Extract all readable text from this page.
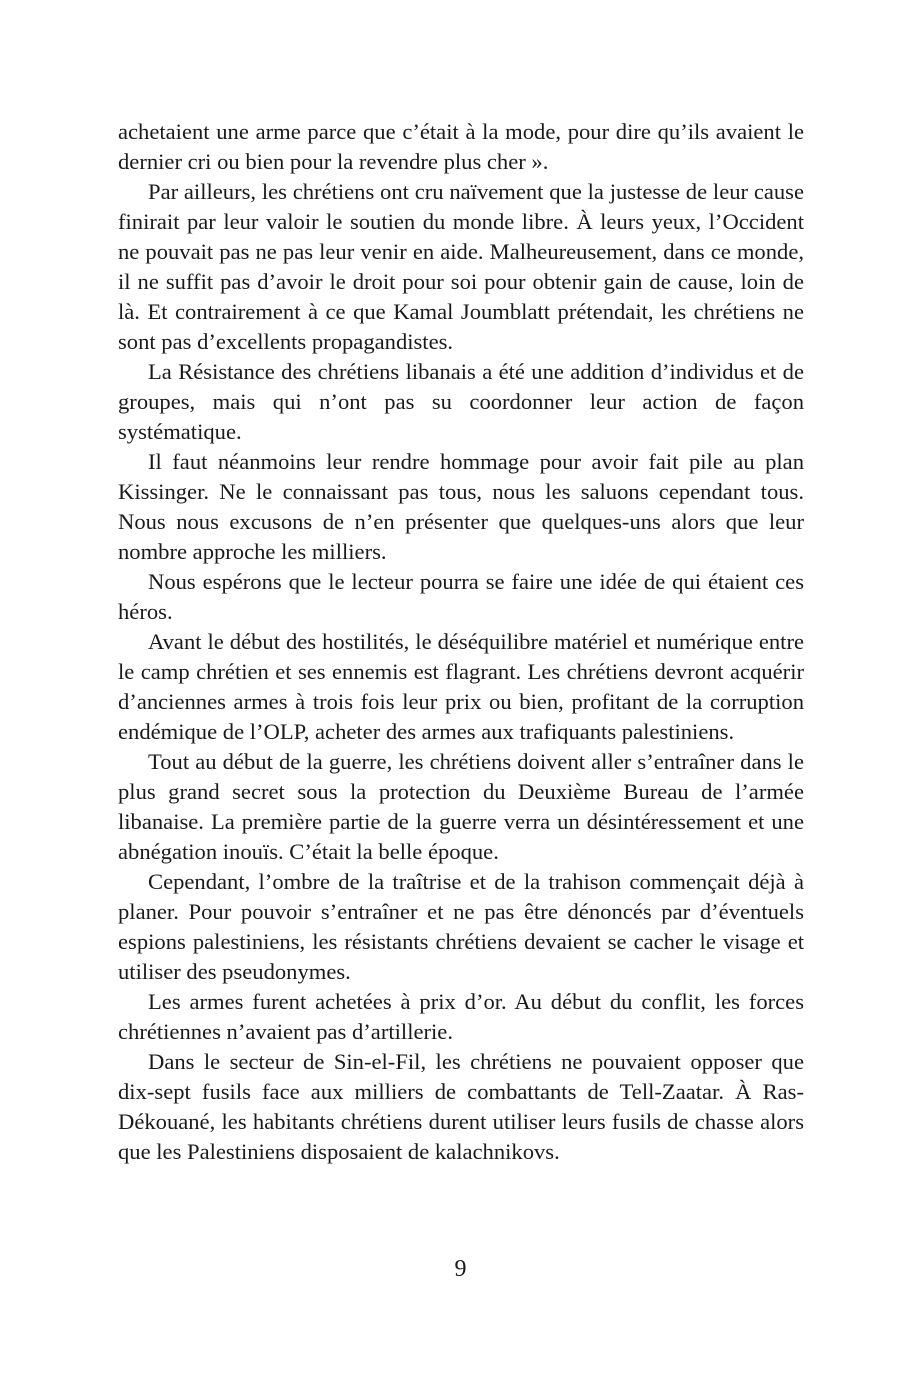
achetaient une arme parce que c’était à la mode, pour dire qu’ils avaient le dernier cri ou bien pour la revendre plus cher ».

Par ailleurs, les chrétiens ont cru naïvement que la justesse de leur cause finirait par leur valoir le soutien du monde libre. À leurs yeux, l’Occident ne pouvait pas ne pas leur venir en aide. Malheureusement, dans ce monde, il ne suffit pas d’avoir le droit pour soi pour obtenir gain de cause, loin de là. Et contrairement à ce que Kamal Joumblatt prétendait, les chrétiens ne sont pas d’excellents propagandistes.

La Résistance des chrétiens libanais a été une addition d’individus et de groupes, mais qui n’ont pas su coordonner leur action de façon systématique.

Il faut néanmoins leur rendre hommage pour avoir fait pile au plan Kissinger. Ne le connaissant pas tous, nous les saluons cependant tous. Nous nous excusons de n’en présenter que quelques-uns alors que leur nombre approche les milliers.

Nous espérons que le lecteur pourra se faire une idée de qui étaient ces héros.

Avant le début des hostilités, le déséquilibre matériel et numérique entre le camp chrétien et ses ennemis est flagrant. Les chrétiens devront acquérir d’anciennes armes à trois fois leur prix ou bien, profitant de la corruption endémique de l’OLP, acheter des armes aux trafiquants palestiniens.

Tout au début de la guerre, les chrétiens doivent aller s’entraîner dans le plus grand secret sous la protection du Deuxième Bureau de l’armée libanaise. La première partie de la guerre verra un désintéressement et une abnégation inouïs. C’était la belle époque.

Cependant, l’ombre de la traîtrise et de la trahison commençait déjà à planer. Pour pouvoir s’entraîner et ne pas être dénoncés par d’éventuels espions palestiniens, les résistants chrétiens devaient se cacher le visage et utiliser des pseudonymes.

Les armes furent achetées à prix d’or. Au début du conflit, les forces chrétiennes n’avaient pas d’artillerie.

Dans le secteur de Sin-el-Fil, les chrétiens ne pouvaient opposer que dix-sept fusils face aux milliers de combattants de Tell-Zaatar. À Ras-Dékouané, les habitants chrétiens durent utiliser leurs fusils de chasse alors que les Palestiniens disposaient de kalachnikovs.

9
